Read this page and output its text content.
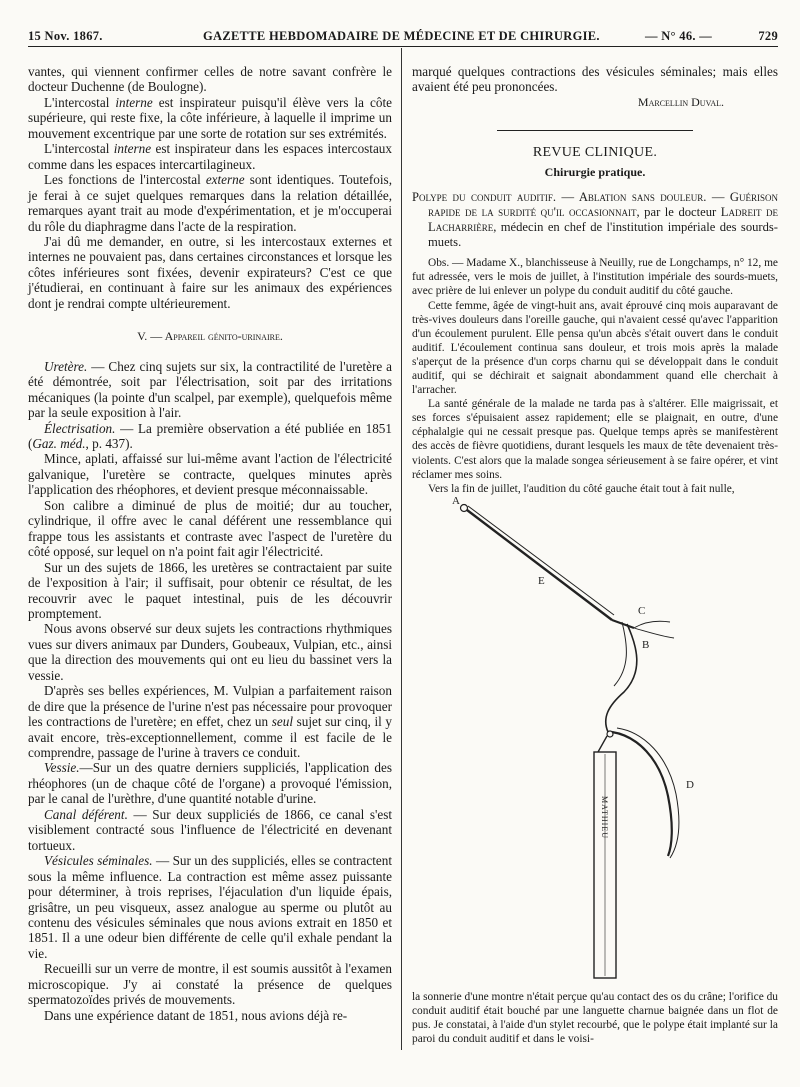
15 Nov. 1867.	GAZETTE HEBDOMADAIRE DE MÉDECINE ET DE CHIRURGIE.	— N° 46. —	729

vantes, qui viennent confirmer celles de notre savant confrère le docteur Duchenne (de Boulogne).

L'intercostal interne est inspirateur puisqu'il élève vers la côte supérieure, qui reste fixe, la côte inférieure, à laquelle il imprime un mouvement excentrique par une sorte de rotation sur ses extrémités.

L'intercostal interne est inspirateur dans les espaces intercostaux comme dans les espaces intercartilagineux.

Les fonctions de l'intercostal externe sont identiques. Toutefois, je ferai à ce sujet quelques remarques dans la relation détaillée, remarques ayant trait au mode d'expérimentation, et je m'occuperai du rôle du diaphragme dans l'acte de la respiration.

J'ai dû me demander, en outre, si les intercostaux externes et internes ne pouvaient pas, dans certaines circonstances et lorsque les côtes inférieures sont fixées, devenir expirateurs? C'est ce que j'étudierai, en continuant à faire sur les animaux des expériences dont je rendrai compte ultérieurement.

V. — Appareil génito-urinaire.

Uretère. — Chez cinq sujets sur six, la contractilité de l'uretère a été démontrée, soit par l'électrisation, soit par des irritations mécaniques (la pointe d'un scalpel, par exemple), quelquefois même par la seule exposition à l'air.

Électrisation. — La première observation a été publiée en 1851 (Gaz. méd., p. 437).

Mince, aplati, affaissé sur lui-même avant l'action de l'électricité galvanique, l'uretère se contracte, quelques minutes après l'application des rhéophores, et devient presque méconnaissable.

Son calibre a diminué de plus de moitié; dur au toucher, cylindrique, il offre avec le canal déférent une ressemblance qui frappe tous les assistants et contraste avec l'aspect de l'uretère du côté opposé, sur lequel on n'a point fait agir l'électricité.

Sur un des sujets de 1866, les uretères se contractaient par suite de l'exposition à l'air; il suffisait, pour obtenir ce résultat, de les recouvrir avec le paquet intestinal, puis de les découvrir promptement.

Nous avons observé sur deux sujets les contractions rhythmiques vues sur divers animaux par Dunders, Goubeaux, Vulpian, etc., ainsi que la direction des mouvements qui ont eu lieu du bassinet vers la vessie.

D'après ses belles expériences, M. Vulpian a parfaitement raison de dire que la présence de l'urine n'est pas nécessaire pour provoquer les contractions de l'uretère; en effet, chez un seul sujet sur cinq, il y avait encore, très-exceptionnellement, comme il est facile de le comprendre, passage de l'urine à travers ce conduit.

Vessie.—Sur un des quatre derniers suppliciés, l'application des rhéophores (un de chaque côté de l'organe) a provoqué l'émission, par le canal de l'urèthre, d'une quantité notable d'urine.

Canal déférent. — Sur deux suppliciés de 1866, ce canal s'est visiblement contracté sous l'influence de l'électricité en devenant tortueux.

Vésicules séminales. — Sur un des suppliciés, elles se contractent sous la même influence. La contraction est même assez puissante pour déterminer, à trois reprises, l'éjaculation d'un liquide épais, grisâtre, un peu visqueux, assez analogue au sperme ou plutôt au contenu des vésicules séminales que nous avions extrait en 1850 et 1851. Il a une odeur bien différente de celle qu'il exhale pendant la vie.

Recueilli sur un verre de montre, il est soumis aussitôt à l'examen microscopique. J'y ai constaté la présence de quelques spermatozoïdes privés de mouvements.

Dans une expérience datant de 1851, nous avions déjà re-

marqué quelques contractions des vésicules séminales; mais elles avaient été peu prononcées.

Marcellin Duval.

REVUE CLINIQUE.

Chirurgie pratique.

Polype du conduit auditif. — Ablation sans douleur. — Guérison rapide de la surdité qu'il occasionnait, par le docteur Ladreit de Lacharrière, médecin en chef de l'institution impériale des sourds-muets.

Obs. — Madame X., blanchisseuse à Neuilly, rue de Longchamps, n° 12, me fut adressée, vers le mois de juillet, à l'institution impériale des sourds-muets, avec prière de lui enlever un polype du conduit auditif du côté gauche.

Cette femme, âgée de vingt-huit ans, avait éprouvé cinq mois auparavant de très-vives douleurs dans l'oreille gauche, qui n'avaient cessé qu'avec l'apparition d'un écoulement purulent. Elle pensa qu'un abcès s'était ouvert dans le conduit auditif. L'écoulement continua sans douleur, et trois mois après la malade s'aperçut de la présence d'un corps charnu qui se développait dans le conduit auditif, qui se déchirait et saignait abondamment quand elle cherchait à l'arracher.

La santé générale de la malade ne tarda pas à s'altérer. Elle maigrissait, et ses forces s'épuisaient assez rapidement; elle se plaignait, en outre, d'une céphalalgie qui ne cessait presque pas. Quelque temps après se manifestèrent des accès de fièvre quotidiens, durant lesquels les maux de tête devenaient très-violents. C'est alors que la malade songea sérieusement à se faire opérer, et vint réclamer mes soins.

Vers la fin de juillet, l'audition du côté gauche était tout à fait nulle,

A
E
C
B
D
MATHIEU

la sonnerie d'une montre n'était perçue qu'au contact des os du crâne; l'orifice du conduit auditif était bouché par une languette charnue baignée dans un flot de pus. Je constatai, à l'aide d'un stylet recourbé, que le polype était implanté sur la paroi du conduit auditif et dans le voisi-
